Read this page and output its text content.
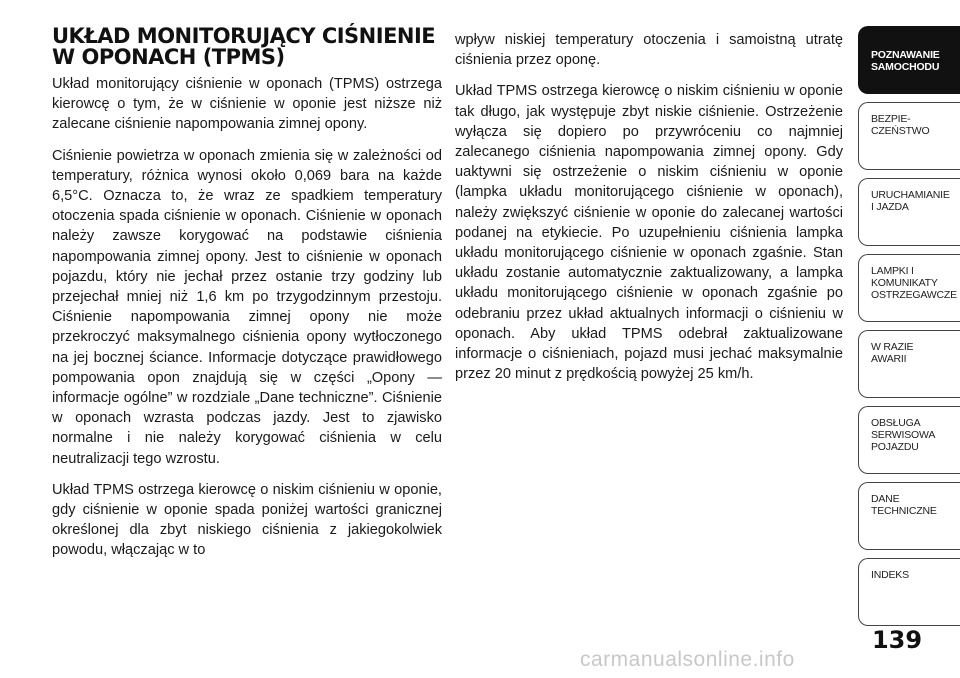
UKŁAD MONITORUJĄCY CIŚNIENIE W OPONACH (TPMS)

Układ monitorujący ciśnienie w oponach (TPMS) ostrzega kierowcę o tym, że w ciśnienie w oponie jest niższe niż zalecane ciśnienie napompowania zimnej opony.

Ciśnienie powietrza w oponach zmienia się w zależności od temperatury, różnica wynosi około 0,069 bara na każde 6,5°C. Oznacza to, że wraz ze spadkiem temperatury otoczenia spada ciśnienie w oponach. Ciśnienie w oponach należy zawsze korygować na podstawie ciśnienia napompowania zimnej opony. Jest to ciśnienie w oponach pojazdu, który nie jechał przez ostanie trzy godziny lub przejechał mniej niż 1,6 km po trzygodzinnym przestoju. Ciśnienie napompowania zimnej opony nie może przekroczyć maksymalnego ciśnienia opony wytłoczonego na jej bocznej ściance. Informacje dotyczące prawidłowego pompowania opon znajdują się w części „Opony — informacje ogólne” w rozdziale „Dane techniczne”. Ciśnienie w oponach wzrasta podczas jazdy. Jest to zjawisko normalne i nie należy korygować ciśnienia w celu neutralizacji tego wzrostu.

Układ TPMS ostrzega kierowcę o niskim ciśnieniu w oponie, gdy ciśnienie w oponie spada poniżej wartości granicznej określonej dla zbyt niskiego ciśnienia z jakiegokolwiek powodu, włączając w to

wpływ niskiej temperatury otoczenia i samoistną utratę ciśnienia przez oponę.

Układ TPMS ostrzega kierowcę o niskim ciśnieniu w oponie tak długo, jak występuje zbyt niskie ciśnienie. Ostrzeżenie wyłącza się dopiero po przywróceniu co najmniej zalecanego ciśnienia napompowania zimnej opony. Gdy uaktywni się ostrzeżenie o niskim ciśnieniu w oponie (lampka układu monitorującego ciśnienie w oponach), należy zwiększyć ciśnienie w oponie do zalecanej wartości podanej na etykiecie. Po uzupełnieniu ciśnienia lampka układu monitorującego ciśnienie w oponach zgaśnie. Stan układu zostanie automatycznie zaktualizowany, a lampka układu monitorującego ciśnienie w oponach zgaśnie po odebraniu przez układ aktualnych informacji o ciśnieniu w oponach. Aby układ TPMS odebrał zaktualizowane informacje o ciśnieniach, pojazd musi jechać maksymalnie przez 20 minut z prędkością powyżej 25 km/h.

POZNAWANIE
SAMOCHODU
BEZPIE-
CZEŃSTWO
URUCHAMIANIE
I JAZDA
LAMPKI I
KOMUNIKATY
OSTRZEGAWCZE
W RAZIE
AWARII
OBSŁUGA
SERWISOWA
POJAZDU
DANE
TECHNICZNE
INDEKS
139
carmanualsonline.info
